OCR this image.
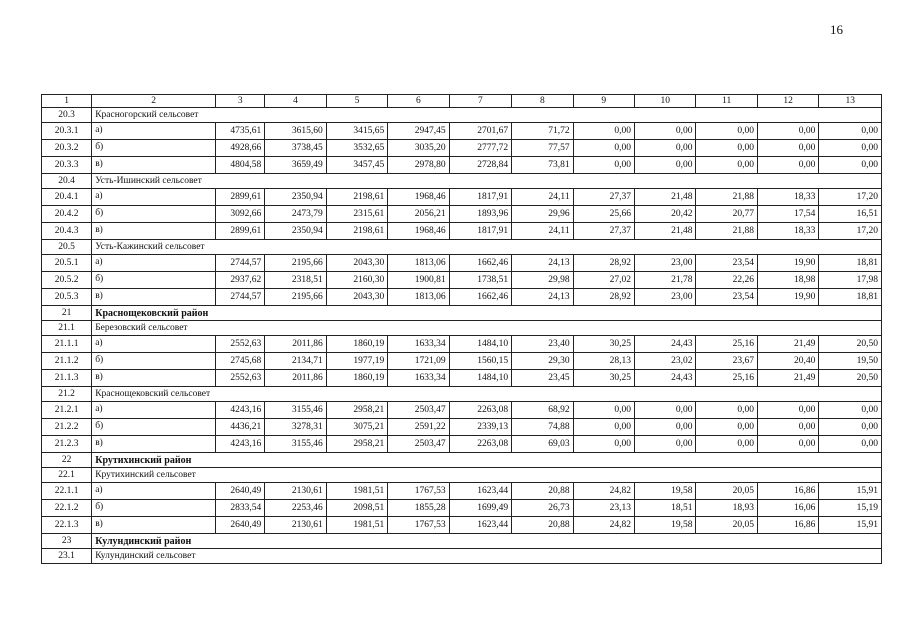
16
1	2	3	4	5	6	7	8	9	10	11	12	13
20.3	Красногорский сельсовет											
20.3.1	а)	4735,61	3615,60	3415,65	2947,45	2701,67	71,72	0,00	0,00	0,00	0,00	0,00
20.3.2	б)	4928,66	3738,45	3532,65	3035,20	2777,72	77,57	0,00	0,00	0,00	0,00	0,00
20.3.3	в)	4804,58	3659,49	3457,45	2978,80	2728,84	73,81	0,00	0,00	0,00	0,00	0,00
20.4	Усть-Ишинский сельсовет											
20.4.1	а)	2899,61	2350,94	2198,61	1968,46	1817,91	24,11	27,37	21,48	21,88	18,33	17,20
20.4.2	б)	3092,66	2473,79	2315,61	2056,21	1893,96	29,96	25,66	20,42	20,77	17,54	16,51
20.4.3	в)	2899,61	2350,94	2198,61	1968,46	1817,91	24,11	27,37	21,48	21,88	18,33	17,20
20.5	Усть-Кажинский сельсовет											
20.5.1	а)	2744,57	2195,66	2043,30	1813,06	1662,46	24,13	28,92	23,00	23,54	19,90	18,81
20.5.2	б)	2937,62	2318,51	2160,30	1900,81	1738,51	29,98	27,02	21,78	22,26	18,98	17,98
20.5.3	в)	2744,57	2195,66	2043,30	1813,06	1662,46	24,13	28,92	23,00	23,54	19,90	18,81
21	Краснощековский район											
21.1	Березовский сельсовет											
21.1.1	а)	2552,63	2011,86	1860,19	1633,34	1484,10	23,40	30,25	24,43	25,16	21,49	20,50
21.1.2	б)	2745,68	2134,71	1977,19	1721,09	1560,15	29,30	28,13	23,02	23,67	20,40	19,50
21.1.3	в)	2552,63	2011,86	1860,19	1633,34	1484,10	23,45	30,25	24,43	25,16	21,49	20,50
21.2	Краснощековский сельсовет											
21.2.1	а)	4243,16	3155,46	2958,21	2503,47	2263,08	68,92	0,00	0,00	0,00	0,00	0,00
21.2.2	б)	4436,21	3278,31	3075,21	2591,22	2339,13	74,88	0,00	0,00	0,00	0,00	0,00
21.2.3	в)	4243,16	3155,46	2958,21	2503,47	2263,08	69,03	0,00	0,00	0,00	0,00	0,00
22	Крутихинский район											
22.1	Крутихинский сельсовет											
22.1.1	а)	2640,49	2130,61	1981,51	1767,53	1623,44	20,88	24,82	19,58	20,05	16,86	15,91
22.1.2	б)	2833,54	2253,46	2098,51	1855,28	1699,49	26,73	23,13	18,51	18,93	16,06	15,19
22.1.3	в)	2640,49	2130,61	1981,51	1767,53	1623,44	20,88	24,82	19,58	20,05	16,86	15,91
23	Кулундинский район											
23.1	Кулундинский сельсовет											
